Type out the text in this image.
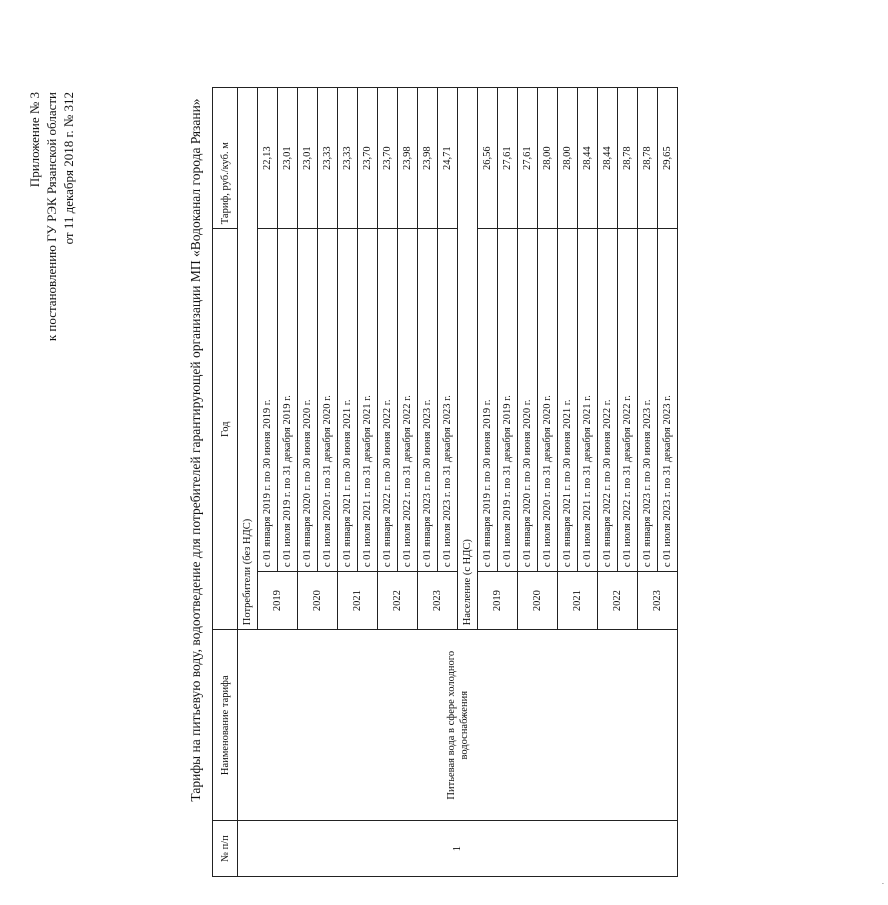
Приложение № 3 к постановлению ГУ РЭК Рязанской области от 11 декабря 2018 г. № 312	Тарифы на питьевую воду, водоотведение для потребителей гарантирующей организации МП «Водоканал города Рязани»
№ п/п	Наименование тарифа	Год		Тариф, руб./куб. м
1	Питьевая вода в сфере холодного водоснабжения	Потребители (без НДС)		
		2019	с 01 января 2019 г. по 30 июня 2019 г.	22,13
			с 01 июля 2019 г. по 31 декабря 2019 г.	23,01
		2020	с 01 января 2020 г. по 30 июня 2020 г.	23,01
			с 01 июля 2020 г. по 31 декабря 2020 г.	23,33
		2021	с 01 января 2021 г. по 30 июня 2021 г.	23,33
			с 01 июля 2021 г. по 31 декабря 2021 г.	23,70
		2022	с 01 января 2022 г. по 30 июня 2022 г.	23,70
			с 01 июля 2022 г. по 31 декабря 2022 г.	23,98
		2023	с 01 января 2023 г. по 30 июня 2023 г.	23,98
			с 01 июля 2023 г. по 31 декабря 2023 г.	24,71
		Население (с НДС)		
		2019	с 01 января 2019 г. по 30 июня 2019 г.	26,56
			с 01 июля 2019 г. по 31 декабря 2019 г.	27,61
		2020	с 01 января 2020 г. по 30 июня 2020 г.	27,61
			с 01 июля 2020 г. по 31 декабря 2020 г.	28,00
		2021	с 01 января 2021 г. по 30 июня 2021 г.	28,00
			с 01 июля 2021 г. по 31 декабря 2021 г.	28,44
		2022	с 01 января 2022 г. по 30 июня 2022 г.	28,44
			с 01 июля 2022 г. по 31 декабря 2022 г.	28,78
		2023	с 01 января 2023 г. по 30 июня 2023 г.	28,78
			с 01 июля 2023 г. по 31 декабря 2023 г.	29,65
·
